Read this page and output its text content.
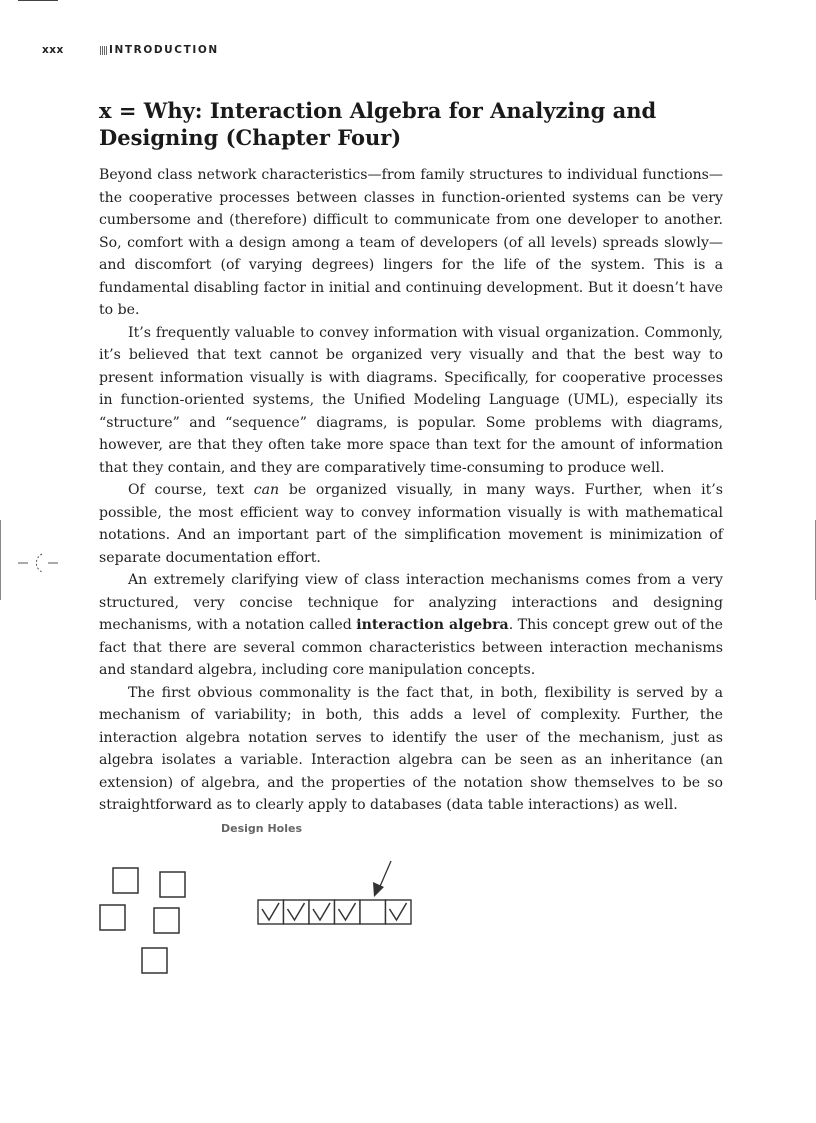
xxx	INTRODUCTION
x = Why: Interaction Algebra for Analyzing and Designing (Chapter Four)

Beyond class network characteristics—from family structures to individual functions—the cooperative processes between classes in function-oriented systems can be very cumbersome and (therefore) difficult to communicate from one developer to another. So, comfort with a design among a team of developers (of all levels) spreads slowly—and discomfort (of varying degrees) lingers for the life of the system. This is a fundamental disabling factor in initial and continuing development. But it doesn’t have to be.

It’s frequently valuable to convey information with visual organization. Commonly, it’s believed that text cannot be organized very visually and that the best way to present information visually is with diagrams. Specifically, for cooperative processes in function-oriented systems, the Unified Modeling Language (UML), especially its “structure” and “sequence” diagrams, is popular. Some problems with diagrams, however, are that they often take more space than text for the amount of information that they contain, and they are comparatively time-consuming to produce well.

Of course, text can be organized visually, in many ways. Further, when it’s possible, the most efficient way to convey information visually is with mathematical notations. And an important part of the simplification movement is minimization of separate documentation effort.

An extremely clarifying view of class interaction mechanisms comes from a very structured, very concise technique for analyzing interactions and designing mechanisms, with a notation called interaction algebra. This concept grew out of the fact that there are several common characteristics between interaction mechanisms and standard algebra, including core manipulation concepts.

The first obvious commonality is the fact that, in both, flexibility is served by a mechanism of variability; in both, this adds a level of complexity. Further, the interaction algebra notation serves to identify the user of the mechanism, just as algebra isolates a variable. Interaction algebra can be seen as an inheritance (an extension) of algebra, and the properties of the notation show themselves to be so straightforward as to clearly apply to databases (data table interactions) as well.

Design Holes
